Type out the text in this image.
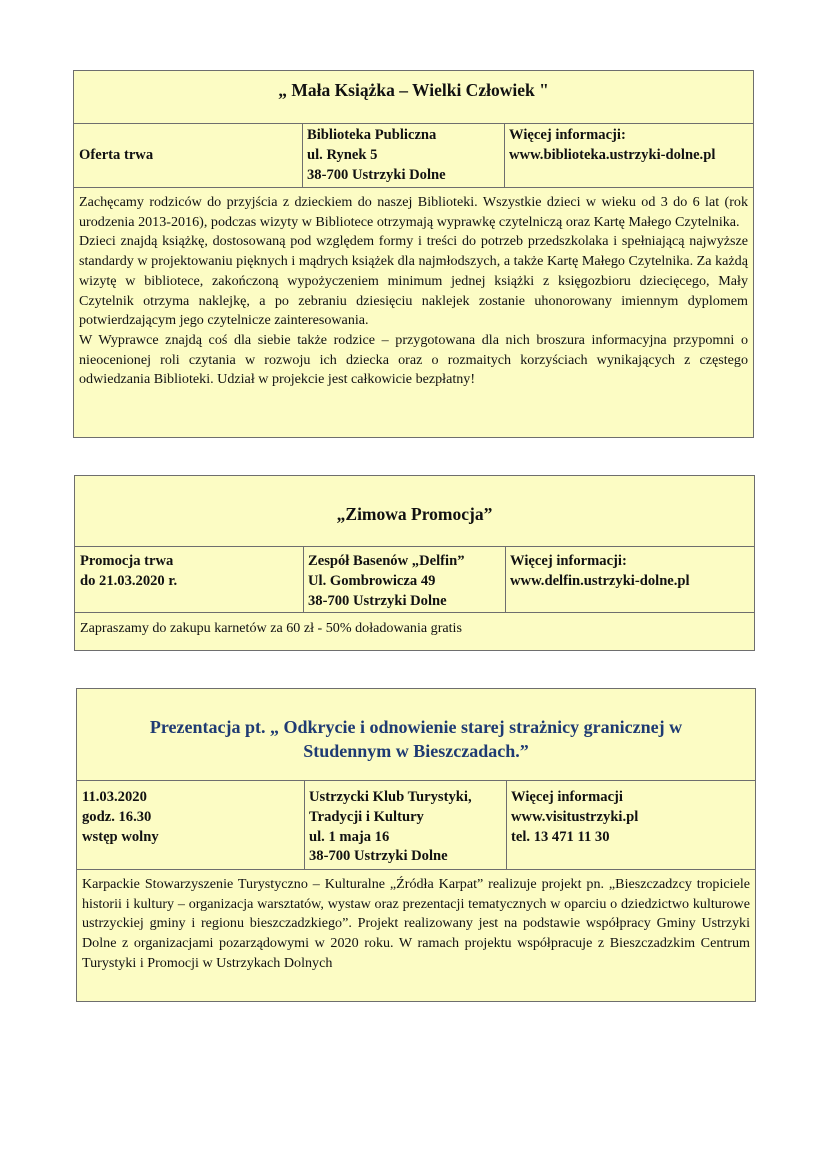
„ Mała Książka – Wielki Człowiek "
Oferta trwa
Biblioteka Publiczna
ul. Rynek 5
38-700 Ustrzyki Dolne
Więcej informacji:
www.biblioteka.ustrzyki-dolne.pl

Zachęcamy rodziców do przyjścia z dzieckiem do naszej Biblioteki. Wszystkie dzieci w wieku od 3 do 6 lat (rok urodzenia 2013-2016), podczas wizyty w Bibliotece otrzymają wyprawkę czytelniczą oraz Kartę Małego Czytelnika.

Dzieci znajdą książkę, dostosowaną pod względem formy i treści do potrzeb przedszkolaka i spełniającą najwyższe standardy w projektowaniu pięknych i mądrych książek dla najmłodszych, a także Kartę Małego Czytelnika. Za każdą wizytę w bibliotece, zakończoną wypożyczeniem minimum jednej książki z księgozbioru dziecięcego, Mały Czytelnik otrzyma naklejkę, a po zebraniu dziesięciu naklejek zostanie uhonorowany imiennym dyplomem potwierdzającym jego czytelnicze zainteresowania.

W Wyprawce znajdą coś dla siebie także rodzice – przygotowana dla nich broszura informacyjna przypomni o nieocenionej roli czytania w rozwoju ich dziecka oraz o rozmaitych korzyściach wynikających z częstego odwiedzania Biblioteki. Udział w projekcie jest całkowicie bezpłatny!

„Zimowa Promocja”
Promocja trwa
do 21.03.2020 r.
Zespół Basenów „Delfin”
Ul. Gombrowicza 49
38-700 Ustrzyki Dolne
Więcej informacji:
www.delfin.ustrzyki-dolne.pl
Zapraszamy do zakupu karnetów za 60 zł - 50% doładowania gratis
Prezentacja pt. „ Odkrycie i odnowienie starej strażnicy granicznej w
Studennym w Bieszczadach.”
11.03.2020
godz. 16.30
wstęp wolny
Ustrzycki Klub Turystyki,
Tradycji i Kultury
ul. 1 maja 16
38-700 Ustrzyki Dolne
Więcej informacji
www.visitustrzyki.pl
tel. 13 471 11 30

Karpackie Stowarzyszenie Turystyczno – Kulturalne „Źródła Karpat” realizuje projekt pn. „Bieszczadzcy tropiciele historii i kultury – organizacja warsztatów, wystaw oraz prezentacji tematycznych w oparciu o dziedzictwo kulturowe ustrzyckiej gminy i regionu bieszczadzkiego”. Projekt realizowany jest na podstawie współpracy Gminy Ustrzyki Dolne z organizacjami pozarządowymi w 2020 roku. W ramach projektu współpracuje z Bieszczadzkim Centrum Turystyki i Promocji w Ustrzykach Dolnych
